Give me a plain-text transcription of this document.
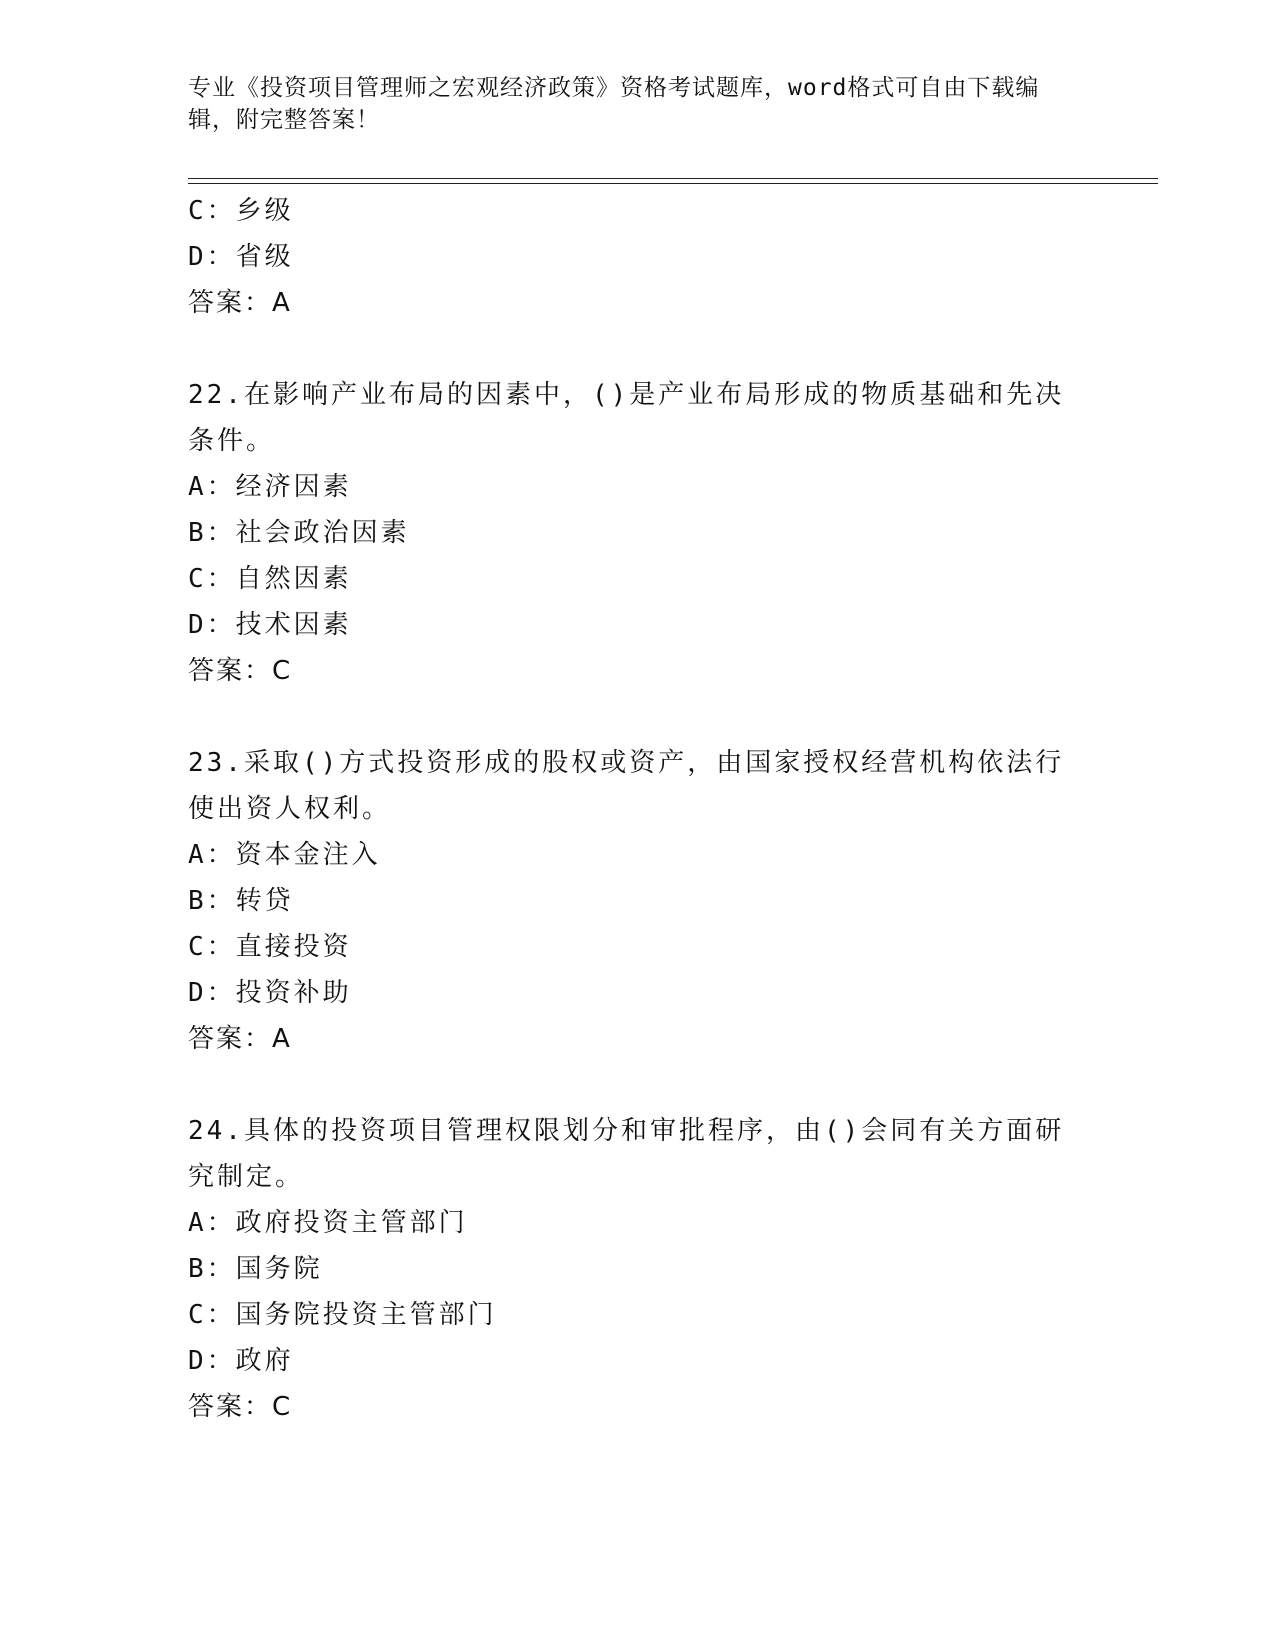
专业《投资项目管理师之宏观经济政策》资格考试题库，word格式可自由下载编辑，附完整答案！
C：乡级
D：省级
答案：A
22.在影响产业布局的因素中，()是产业布局形成的物质基础和先决条件。
A：经济因素
B：社会政治因素
C：自然因素
D：技术因素
答案：C
23.采取()方式投资形成的股权或资产，由国家授权经营机构依法行使出资人权利。
A：资本金注入
B：转贷
C：直接投资
D：投资补助
答案：A
24.具体的投资项目管理权限划分和审批程序，由()会同有关方面研究制定。
A：政府投资主管部门
B：国务院
C：国务院投资主管部门
D：政府
答案：C
